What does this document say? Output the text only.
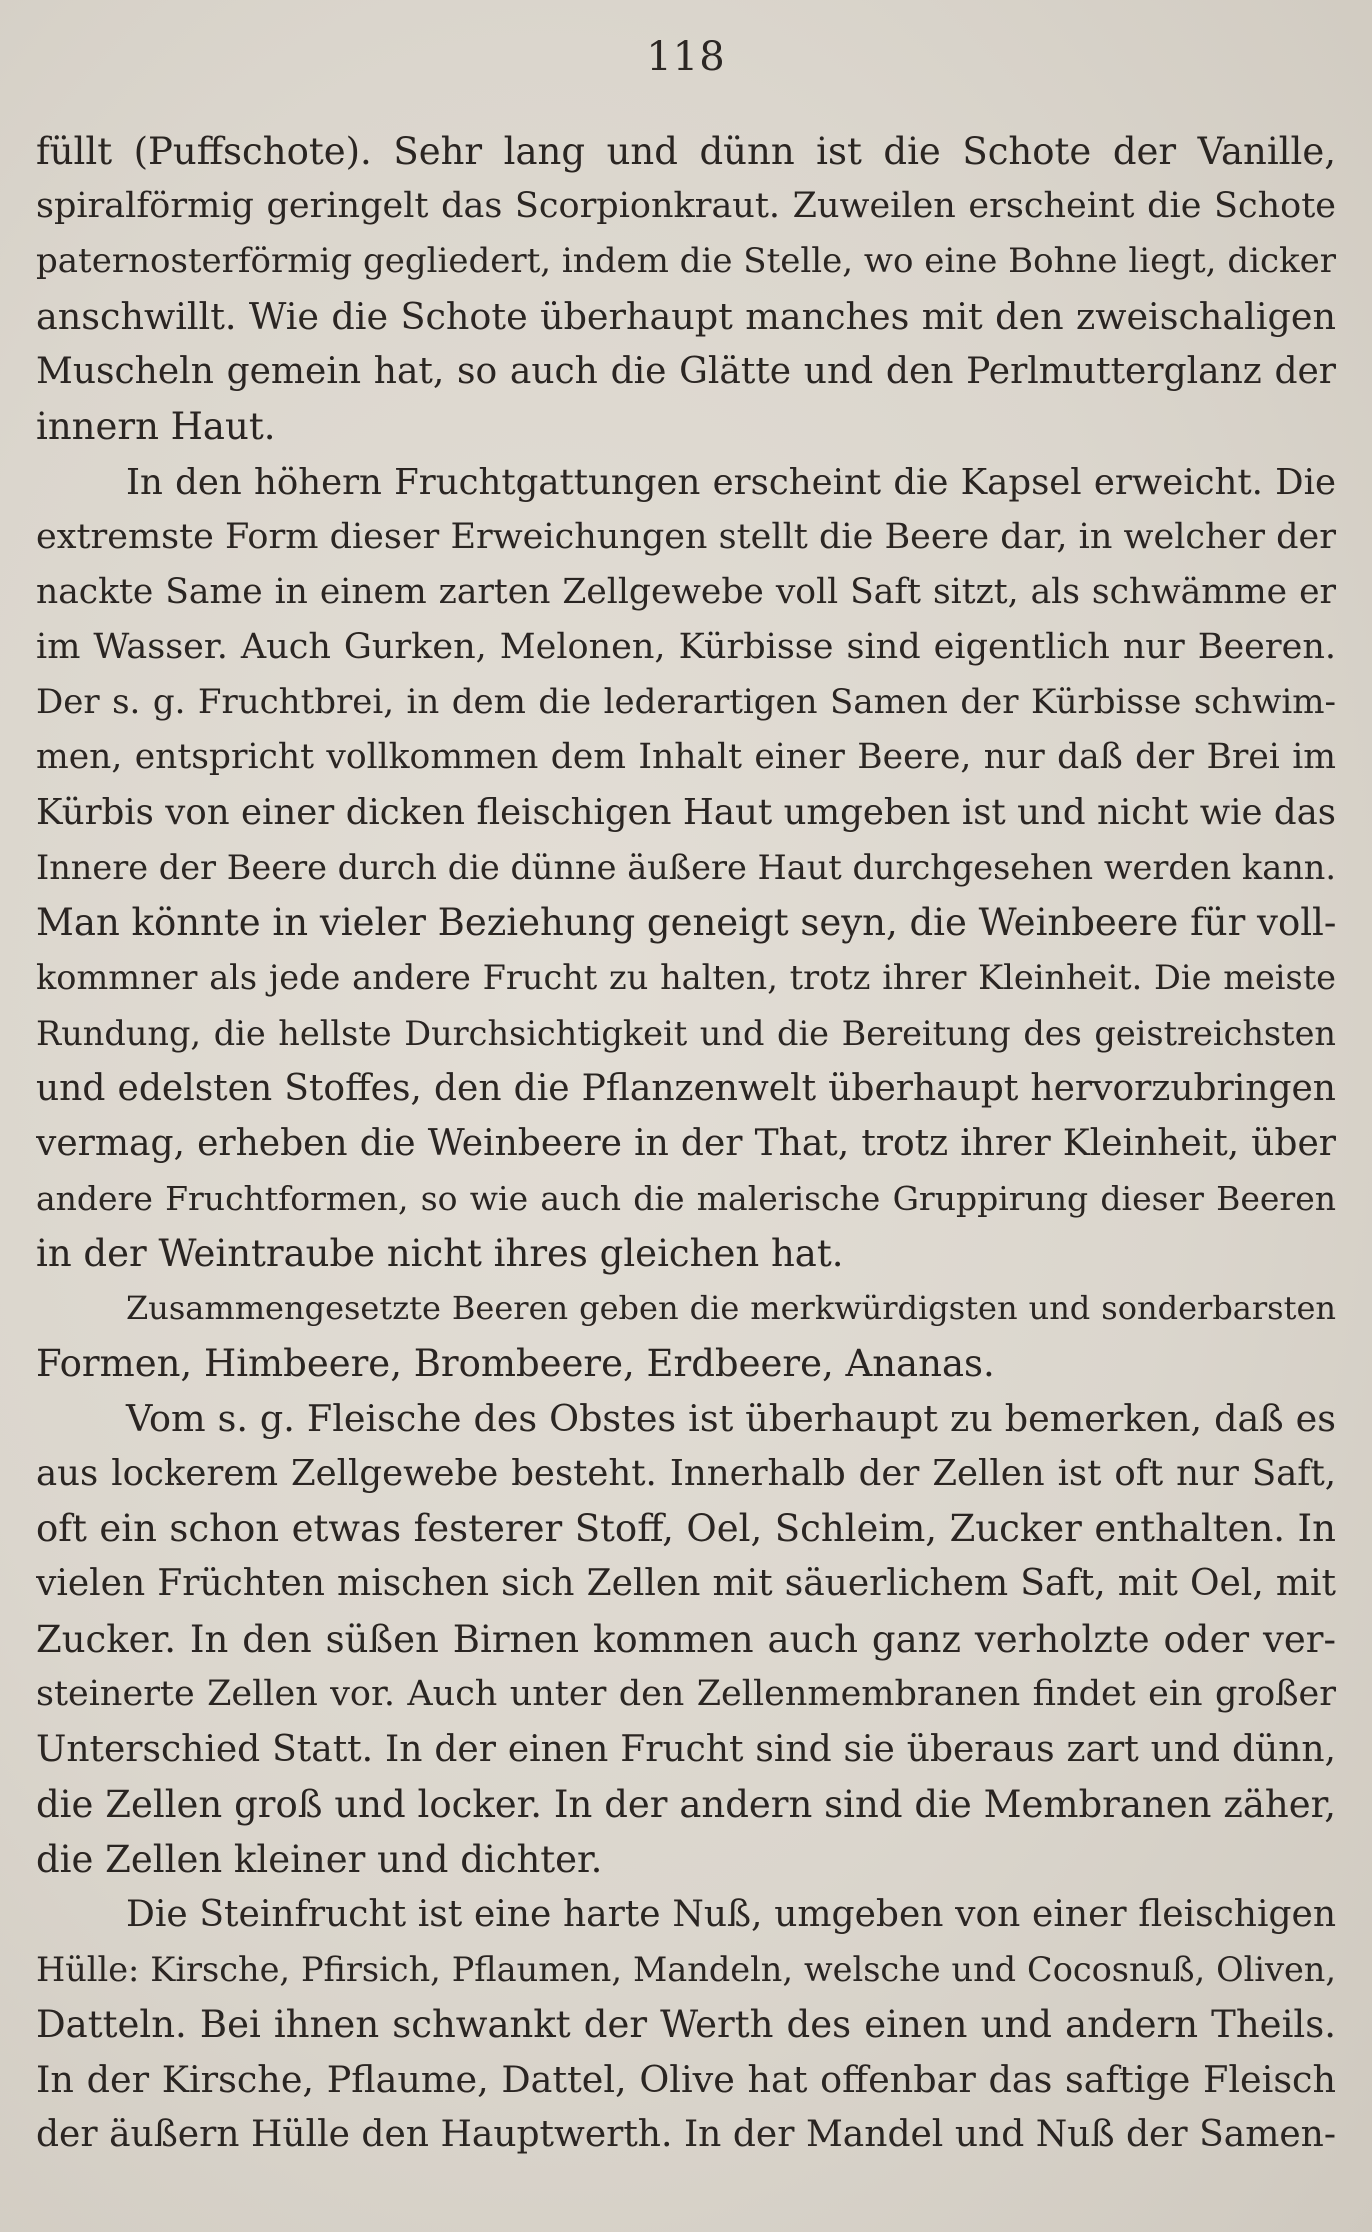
118
füllt (Puffschote). Sehr lang und dünn ist die Schote der Vanille,
spiralförmig geringelt das Scorpionkraut. Zuweilen erscheint die Schote
paternosterförmig gegliedert, indem die Stelle, wo eine Bohne liegt, dicker
anschwillt. Wie die Schote überhaupt manches mit den zweischaligen
Muscheln gemein hat, so auch die Glätte und den Perlmutterglanz der
innern Haut.
In den höhern Fruchtgattungen erscheint die Kapsel erweicht. Die
extremste Form dieser Erweichungen stellt die Beere dar, in welcher der
nackte Same in einem zarten Zellgewebe voll Saft sitzt, als schwämme er
im Wasser. Auch Gurken, Melonen, Kürbisse sind eigentlich nur Beeren.
Der s. g. Fruchtbrei, in dem die lederartigen Samen der Kürbisse schwim-
men, entspricht vollkommen dem Inhalt einer Beere, nur daß der Brei im
Kürbis von einer dicken fleischigen Haut umgeben ist und nicht wie das
Innere der Beere durch die dünne äußere Haut durchgesehen werden kann.
Man könnte in vieler Beziehung geneigt seyn, die Weinbeere für voll-
kommner als jede andere Frucht zu halten, trotz ihrer Kleinheit. Die meiste
Rundung, die hellste Durchsichtigkeit und die Bereitung des geistreichsten
und edelsten Stoffes, den die Pflanzenwelt überhaupt hervorzubringen
vermag, erheben die Weinbeere in der That, trotz ihrer Kleinheit, über
andere Fruchtformen, so wie auch die malerische Gruppirung dieser Beeren
in der Weintraube nicht ihres gleichen hat.
Zusammengesetzte Beeren geben die merkwürdigsten und sonderbarsten
Formen, Himbeere, Brombeere, Erdbeere, Ananas.
Vom s. g. Fleische des Obstes ist überhaupt zu bemerken, daß es
aus lockerem Zellgewebe besteht. Innerhalb der Zellen ist oft nur Saft,
oft ein schon etwas festerer Stoff, Oel, Schleim, Zucker enthalten. In
vielen Früchten mischen sich Zellen mit säuerlichem Saft, mit Oel, mit
Zucker. In den süßen Birnen kommen auch ganz verholzte oder ver-
steinerte Zellen vor. Auch unter den Zellenmembranen findet ein großer
Unterschied Statt. In der einen Frucht sind sie überaus zart und dünn,
die Zellen groß und locker. In der andern sind die Membranen zäher,
die Zellen kleiner und dichter.
Die Steinfrucht ist eine harte Nuß, umgeben von einer fleischigen
Hülle: Kirsche, Pfirsich, Pflaumen, Mandeln, welsche und Cocosnuß, Oliven,
Datteln. Bei ihnen schwankt der Werth des einen und andern Theils.
In der Kirsche, Pflaume, Dattel, Olive hat offenbar das saftige Fleisch
der äußern Hülle den Hauptwerth. In der Mandel und Nuß der Samen-
